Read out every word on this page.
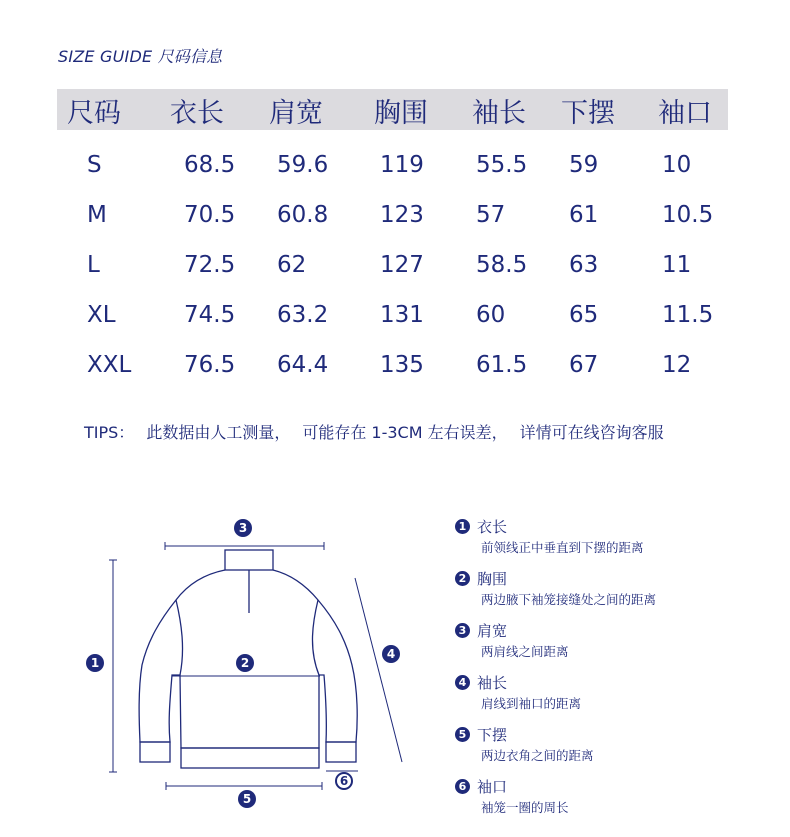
SIZE GUIDE 尺码信息
尺码 衣长 肩宽 胸围 袖长 下摆 袖口
S	68.5 59.6 119 55.5 59	10
M	70.5 60.8 123 57	61	10.5
L	72.5 62	127 58.5 63	11
XL	74.5 63.2 131 60	65	11.5
XXL 76.5 64.4 135 61.5 67	12
TIPS： 此数据由人工测量， 可能存在 1-3CM 左右误差， 详情可在线咨询客服
1	2
3
4
5
6
1 衣长
前领线正中垂直到下摆的距离
2 胸围
两边腋下袖笼接缝处之间的距离
3 肩宽
两肩线之间距离
4 袖长
肩线到袖口的距离
5 下摆
两边衣角之间的距离
6 袖口
袖笼一圈的周长
